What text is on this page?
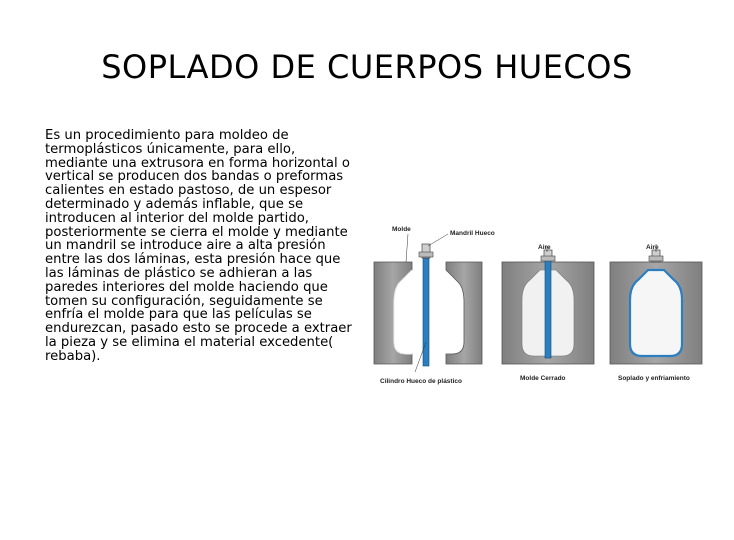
SOPLADO DE CUERPOS HUECOS

Es un procedimiento para moldeo de termoplásticos únicamente, para ello, mediante una extrusora en forma horizontal o vertical se producen dos bandas o preformas calientes en estado pastoso, de un espesor determinado y además inflable, que se introducen al interior del molde partido, posteriormente se cierra el molde y mediante un mandril se introduce aire a alta presión entre las dos láminas, esta presión hace que las láminas de plástico se adhieran a las paredes interiores del molde haciendo que tomen su configuración, seguidamente se enfría el molde para que las películas se endurezcan, pasado esto se procede a extraer la pieza y se elimina el material excedente( rebaba).

Molde
Mandril Hueco
Cilindro Hueco de plástico
Aire
Molde Cerrado
Aire
Soplado y enfriamiento
